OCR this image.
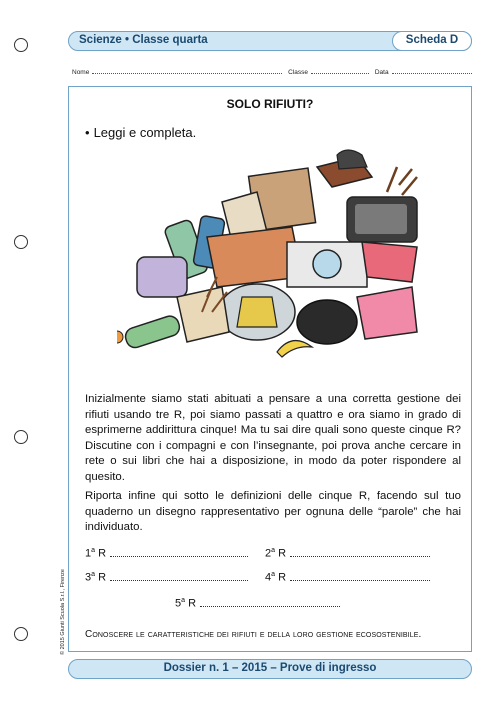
Scienze • Classe quarta	Scheda D
Nome	Classe	Data
SOLO RIFIUTI?
• Leggi e completa.
Inizialmente siamo stati abituati a pensare a una corretta gestione dei rifiuti usando tre R, poi siamo passati a quattro e ora siamo in grado di esprimerne addirittura cinque! Ma tu sai dire quali sono queste cinque R? Discutine con i compagni e con l’insegnante, poi prova anche cercare in rete o sui libri che hai a disposizione, in modo da poter rispondere al quesito.
Riporta infine qui sotto le definizioni delle cinque R, facendo sul tuo quaderno un disegno rappresentativo per ognuna delle “parole” che hai individuato.
1$^a$ R	2$^a$ R
3$^a$ R	4$^a$ R
5$^a$ R
Conoscere le caratteristiche dei rifiuti e della loro gestione ecosostenibile.
© 2015 Giunti Scuola S.r.l., Firenze
Dossier n. 1 – 2015 – Prove di ingresso
